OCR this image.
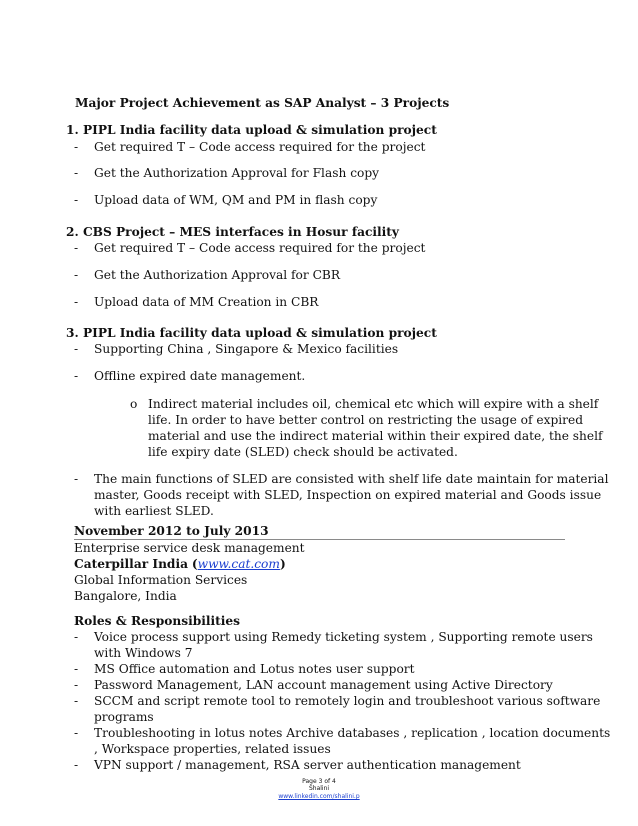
Major Project Achievement as SAP Analyst – 3 Projects
1. PIPL India facility data upload & simulation project
- Get required T – Code access required for the project
- Get the Authorization Approval for Flash copy
- Upload data of WM, QM and PM in flash copy
2. CBS Project – MES interfaces in Hosur facility
- Get required T – Code access required for the project
- Get the Authorization Approval for CBR
- Upload data of MM Creation in CBR
3. PIPL India facility data upload & simulation project
- Supporting China , Singapore & Mexico facilities
- Offline expired date management.
o Indirect material includes oil, chemical etc which will expire with a shelf
life. In order to have better control on restricting the usage of expired
material and use the indirect material within their expired date, the shelf
life expiry date (SLED) check should be activated.
- The main functions of SLED are consisted with shelf life date maintain for material
master, Goods receipt with SLED, Inspection on expired material and Goods issue
with earliest SLED.
November 2012 to July 2013
Enterprise service desk management
Caterpillar India (www.cat.com)
Global Information Services
Bangalore, India
Roles & Responsibilities
- Voice process support using Remedy ticketing system , Supporting remote users
with Windows 7
- MS Office automation and Lotus notes user support
- Password Management, LAN account management using Active Directory
- SCCM and script remote tool to remotely login and troubleshoot various software
programs
- Troubleshooting in lotus notes Archive databases , replication , location documents
, Workspace properties, related issues
- VPN support / management, RSA server authentication management
Page 3 of 4
Shalini
www.linkedin.com/shalini.p
